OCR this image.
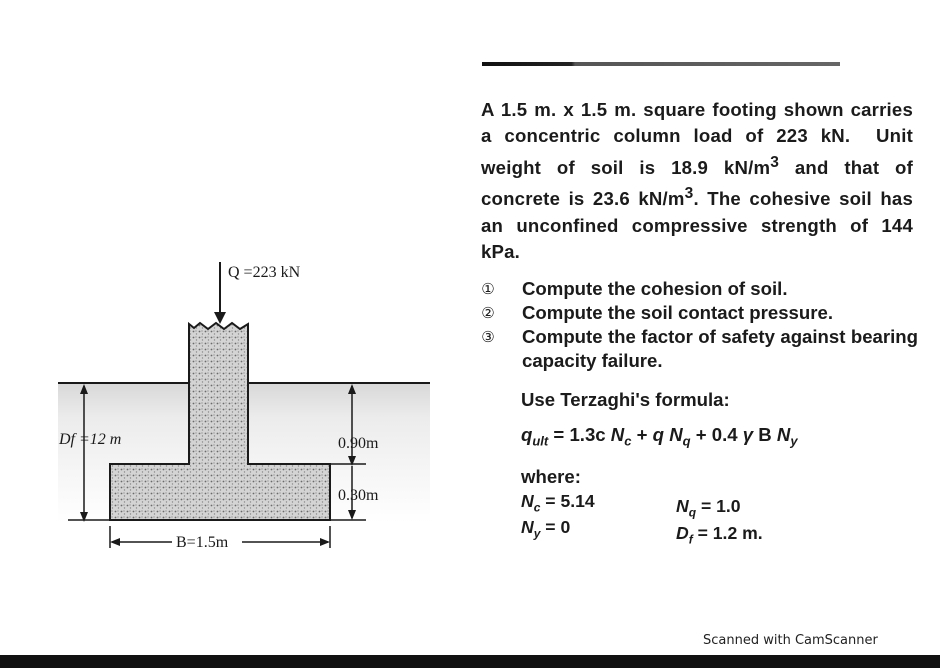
Q =223 kN
Df =12 m	0.90m
0.30m
B=1.5m
A 1.5 m. x 1.5 m. square footing shown carries a concentric column load of 223 kN.  Unit weight of soil is 18.9 $kN/m^3$ and that of concrete is 23.6 $kN/m^3$. The cohesive soil has an unconfined compressive strength of 144 kPa.
① Compute the cohesion of soil.
② Compute the soil contact pressure.
③ Compute the factor of safety against bearing capacity failure.
Use Terzaghi's formula:
$q_{ult} = 1.3c$ $N_c + q$ $N_q + 0.4$ γ B $N_y$
where:
$N_c = 5.14$
$N_y = 0$
$N_q = 1.0$
$D_f = 1.2$ m.
Scanned with CamScanner
